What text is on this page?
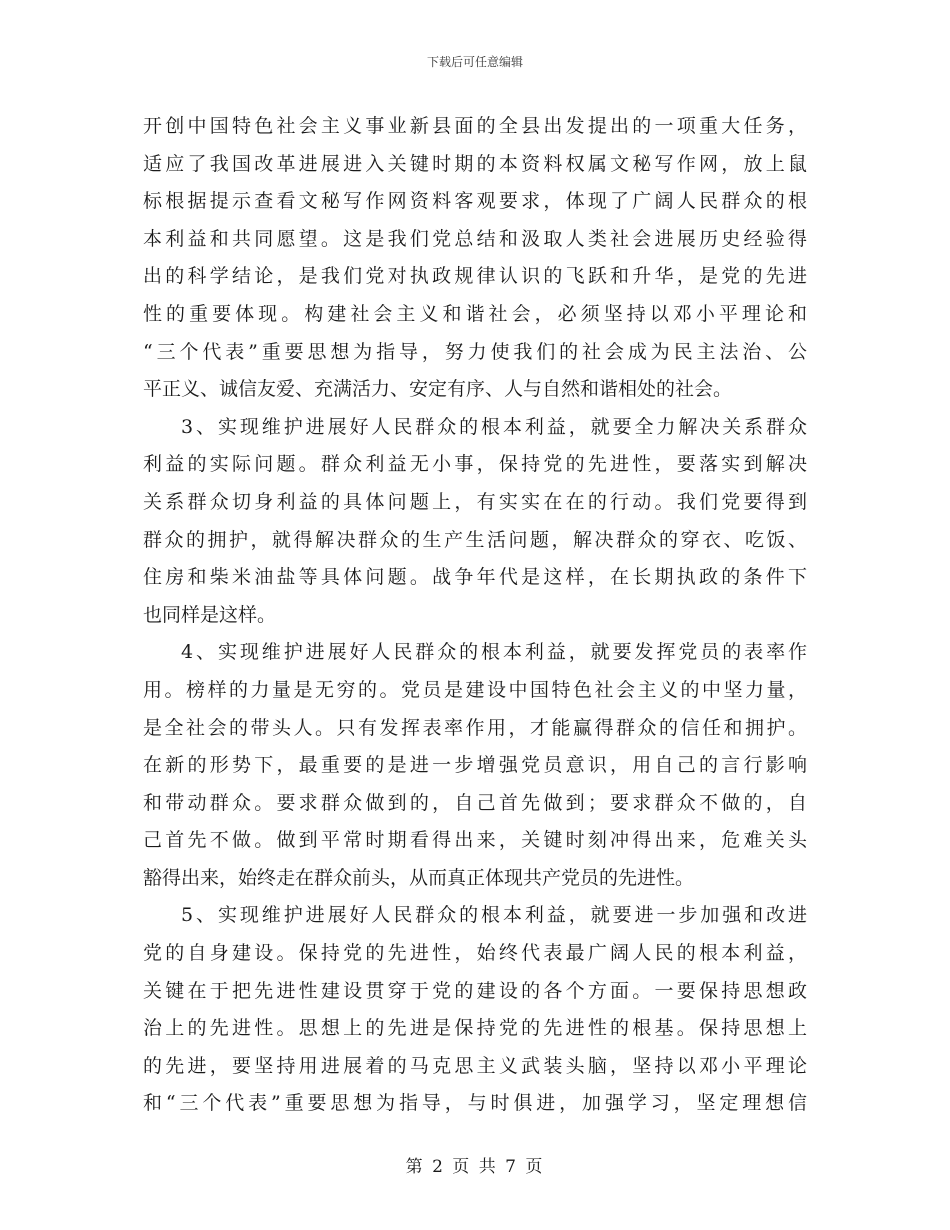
下载后可任意编辑
开创中国特色社会主义事业新县面的全县出发提出的一项重大任务，
适应了我国改革进展进入关键时期的本资料权属文秘写作网，放上鼠
标根据提示查看文秘写作网资料客观要求，体现了广阔人民群众的根
本利益和共同愿望。这是我们党总结和汲取人类社会进展历史经验得
出的科学结论，是我们党对执政规律认识的飞跃和升华，是党的先进
性的重要体现。构建社会主义和谐社会，必须坚持以邓小平理论和
“三个代表”重要思想为指导，努力使我们的社会成为民主法治、公
平正义、诚信友爱、充满活力、安定有序、人与自然和谐相处的社会。
3、实现维护进展好人民群众的根本利益，就要全力解决关系群众
利益的实际问题。群众利益无小事，保持党的先进性，要落实到解决
关系群众切身利益的具体问题上，有实实在在的行动。我们党要得到
群众的拥护，就得解决群众的生产生活问题，解决群众的穿衣、吃饭、
住房和柴米油盐等具体问题。战争年代是这样，在长期执政的条件下
也同样是这样。
4、实现维护进展好人民群众的根本利益，就要发挥党员的表率作
用。榜样的力量是无穷的。党员是建设中国特色社会主义的中坚力量，
是全社会的带头人。只有发挥表率作用，才能赢得群众的信任和拥护。
在新的形势下，最重要的是进一步增强党员意识，用自己的言行影响
和带动群众。要求群众做到的，自己首先做到；要求群众不做的，自
己首先不做。做到平常时期看得出来，关键时刻冲得出来，危难关头
豁得出来，始终走在群众前头，从而真正体现共产党员的先进性。
5、实现维护进展好人民群众的根本利益，就要进一步加强和改进
党的自身建设。保持党的先进性，始终代表最广阔人民的根本利益，
关键在于把先进性建设贯穿于党的建设的各个方面。一要保持思想政
治上的先进性。思想上的先进是保持党的先进性的根基。保持思想上
的先进，要坚持用进展着的马克思主义武装头脑，坚持以邓小平理论
和“三个代表”重要思想为指导，与时俱进，加强学习，坚定理想信
第 2 页 共 7 页
